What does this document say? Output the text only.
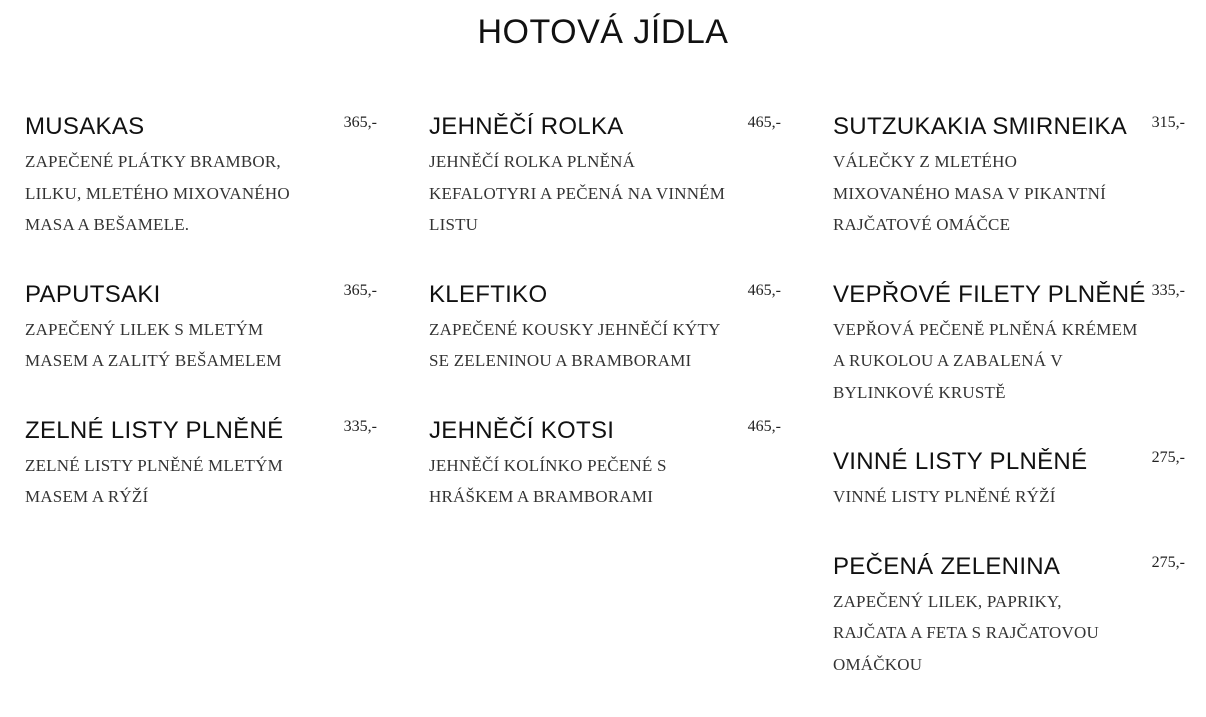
HOTOVÁ JÍDLA
MUSAKAS	365,-
ZAPEČENÉ PLÁTKY BRAMBOR, LILKU, MLETÉHO MIXOVANÉHO MASA A BEŠAMELE.
PAPUTSAKI	365,-
ZAPEČENÝ LILEK S MLETÝM MASEM A ZALITÝ BEŠAMELEM
ZELNÉ LISTY PLNĚNÉ	335,-
ZELNÉ LISTY PLNĚNÉ MLETÝM MASEM A RÝŽÍ
JEHNĚČÍ ROLKA	465,-
JEHNĚČÍ ROLKA PLNĚNÁ KEFALOTYRI A PEČENÁ NA VINNÉM LISTU
KLEFTIKO	465,-
ZAPEČENÉ KOUSKY JEHNĚČÍ KÝTY SE ZELENINOU A BRAMBORAMI
JEHNĚČÍ KOTSI	465,-
JEHNĚČÍ KOLÍNKO PEČENÉ S HRÁŠKEM A BRAMBORAMI
SUTZUKAKIA SMIRNEIKA 315,-
VÁLEČKY Z MLETÉHO MIXOVANÉHO MASA V PIKANTNÍ RAJČATOVÉ OMÁČCE
VEPŘOVÉ FILETY PLNĚNÉ 335,-
VEPŘOVÁ PEČENĚ PLNĚNÁ KRÉMEM A RUKOLOU A ZABALENÁ V BYLINKOVÉ KRUSTĚ
VINNÉ LISTY PLNĚNÉ	275,-
VINNÉ LISTY PLNĚNÉ RÝŽÍ
PEČENÁ ZELENINA	275,-
ZAPEČENÝ LILEK, PAPRIKY, RAJČATA A FETA S RAJČATOVOU OMÁČKOU
